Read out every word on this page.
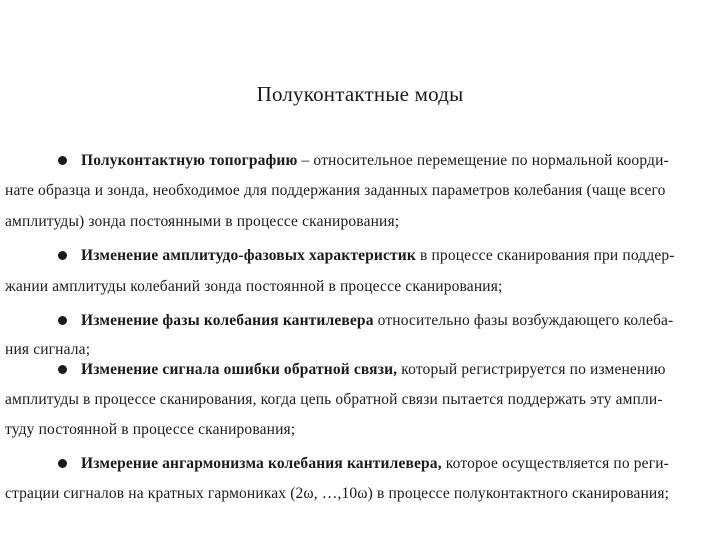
Полуконтактные моды
Полуконтактную топографию – относительное перемещение по нормальной коорди-
нате образца и зонда, необходимое для поддержания заданных параметров колебания (чаще всего
амплитуды) зонда постоянными в процессе сканирования;
Изменение амплитудо-фазовых характеристик в процессе сканирования при поддер-
жании амплитуды колебаний зонда постоянной в процессе сканирования;
Изменение фазы колебания кантилевера относительно фазы возбуждающего колеба-
ния сигнала;
Изменение сигнала ошибки обратной связи, который регистрируется по изменению
амплитуды в процессе сканирования, когда цепь обратной связи пытается поддержать эту ампли-
туду постоянной в процессе сканирования;
Измерение ангармонизма колебания кантилевера, которое осуществляется по реги-
страции сигналов на кратных гармониках (2ω, …,10ω) в процессе полуконтактного сканирования;
